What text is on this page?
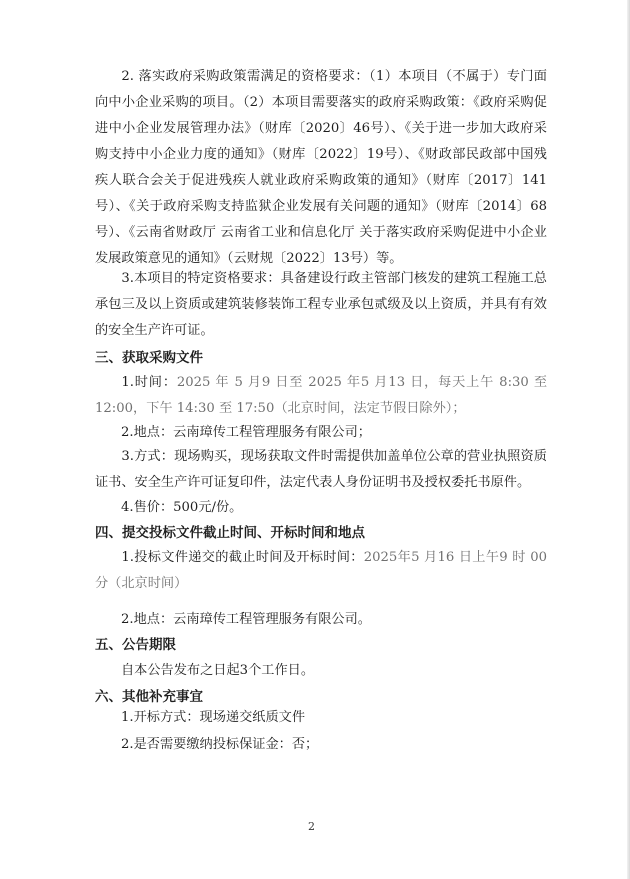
2. 落实政府采购政策需满足的资格要求：（1）本项目（不属于）专门面向中小企业采购的项目。（2）本项目需要落实的政府采购政策：《政府采购促进中小企业发展管理办法》（财库〔2020〕46号）、《关于进一步加大政府采购支持中小企业力度的通知》（财库〔2022〕19号）、《财政部民政部中国残疾人联合会关于促进残疾人就业政府采购政策的通知》（财库〔2017〕141号）、《关于政府采购支持监狱企业发展有关问题的通知》（财库〔2014〕68号）、《云南省财政厅 云南省工业和信息化厅 关于落实政府采购促进中小企业发展政策意见的通知》（云财规〔2022〕13号）等。

3.本项目的特定资格要求：具备建设行政主管部门核发的建筑工程施工总承包三及以上资质或建筑装修装饰工程专业承包贰级及以上资质，并具有有效的安全生产许可证。

三、获取采购文件

1.时间：2025 年 5 月9 日至 2025 年5 月13 日，每天上午 8:30 至 12:00，下午 14:30 至 17:50（北京时间，法定节假日除外）；

2.地点：云南璋传工程管理服务有限公司；

3.方式：现场购买，现场获取文件时需提供加盖单位公章的营业执照资质证书、安全生产许可证复印件，法定代表人身份证明书及授权委托书原件。

4.售价：500元/份。

四、提交投标文件截止时间、开标时间和地点

1.投标文件递交的截止时间及开标时间：2025年5 月16 日上午9 时 00 分（北京时间）

2.地点：云南璋传工程管理服务有限公司。

五、公告期限

自本公告发布之日起3个工作日。

六、其他补充事宜

1.开标方式：现场递交纸质文件

2.是否需要缴纳投标保证金：否；

2
